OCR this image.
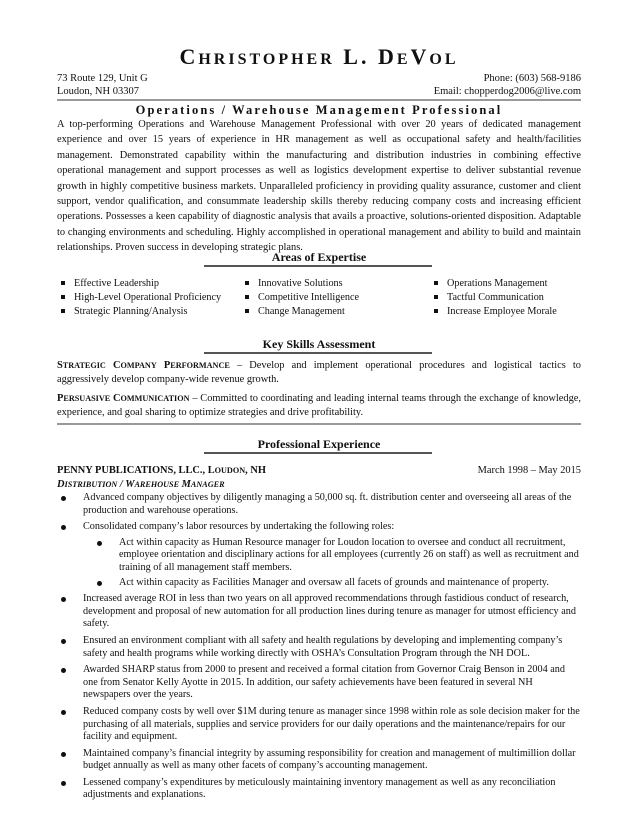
CHRISTOPHER L. DEVOL
73 Route 129, Unit G
Loudon, NH 03307
Phone: (603) 568-9186
Email: chopperdog2006@live.com
Operations / Warehouse Management Professional
A top-performing Operations and Warehouse Management Professional with over 20 years of dedicated management experience and over 15 years of experience in HR management as well as occupational safety and health/facilities management. Demonstrated capability within the manufacturing and distribution industries in combining effective operational management and support processes as well as logistics development expertise to deliver substantial revenue growth in highly competitive business markets. Unparalleled proficiency in providing quality assurance, customer and client support, vendor qualification, and consummate leadership skills thereby reducing company costs and increasing efficient operations. Possesses a keen capability of diagnostic analysis that avails a proactive, solutions-oriented disposition. Adaptable to changing environments and scheduling. Highly accomplished in operational management and ability to build and maintain relationships. Proven success in developing strategic plans.
Areas of Expertise
Effective Leadership
High-Level Operational Proficiency
Strategic Planning/Analysis
Innovative Solutions
Competitive Intelligence
Change Management
Operations Management
Tactful Communication
Increase Employee Morale
Key Skills Assessment
STRATEGIC COMPANY PERFORMANCE – Develop and implement operational procedures and logistical tactics to aggressively develop company-wide revenue growth.
PERSUASIVE COMMUNICATION – Committed to coordinating and leading internal teams through the exchange of knowledge, experience, and goal sharing to optimize strategies and drive profitability.
Professional Experience
PENNY PUBLICATIONS, LLC., LOUDON, NH	March 1998 – May 2015
DISTRIBUTION / WAREHOUSE MANAGER
Advanced company objectives by diligently managing a 50,000 sq. ft. distribution center and overseeing all areas of the production and warehouse operations.
Consolidated company’s labor resources by undertaking the following roles:
Act within capacity as Human Resource manager for Loudon location to oversee and conduct all recruitment, employee orientation and disciplinary actions for all employees (currently 26 on staff) as well as recruitment and training of all management staff members.
Act within capacity as Facilities Manager and oversaw all facets of grounds and maintenance of property.
Increased average ROI in less than two years on all approved recommendations through fastidious conduct of research, development and proposal of new automation for all production lines during tenure as manager for utmost efficiency and safety.
Ensured an environment compliant with all safety and health regulations by developing and implementing company’s safety and health programs while working directly with OSHA’s Consultation Program through the NH DOL.
Awarded SHARP status from 2000 to present and received a formal citation from Governor Craig Benson in 2004 and one from Senator Kelly Ayotte in 2015. In addition, our safety achievements have been featured in several NH newspapers over the years.
Reduced company costs by well over $1M during tenure as manager since 1998 within role as sole decision maker for the purchasing of all materials, supplies and service providers for our daily operations and the maintenance/repairs for our facility and equipment.
Maintained company’s financial integrity by assuming responsibility for creation and management of multimillion dollar budget annually as well as many other facets of company’s accounting management.
Lessened company’s expenditures by meticulously maintaining inventory management as well as any reconciliation adjustments and explanations.
